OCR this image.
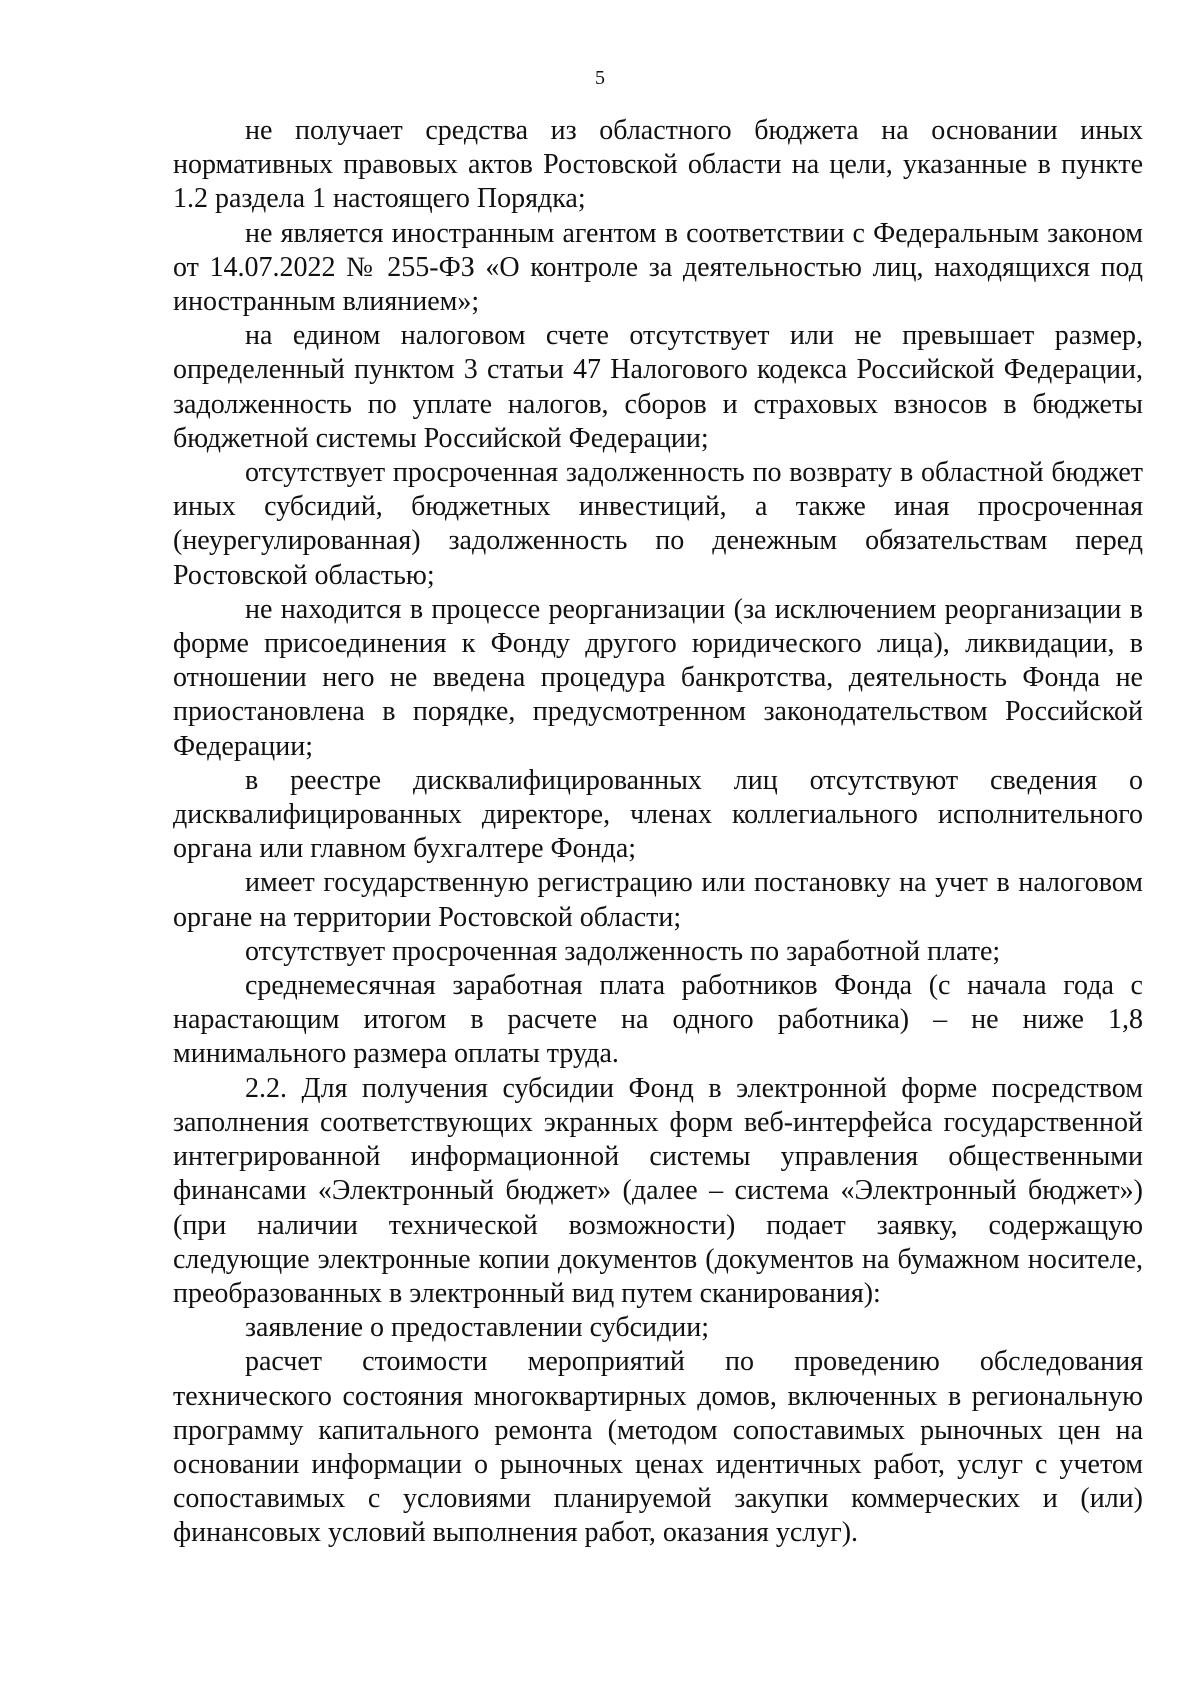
5

не получает средства из областного бюджета на основании иных нормативных правовых актов Ростовской области на цели, указанные в пункте 1.2 раздела 1 настоящего Порядка;

не является иностранным агентом в соответствии с Федеральным законом от 14.07.2022 № 255-ФЗ «О контроле за деятельностью лиц, находящихся под иностранным влиянием»;

на едином налоговом счете отсутствует или не превышает размер, определенный пунктом 3 статьи 47 Налогового кодекса Российской Федерации, задолженность по уплате налогов, сборов и страховых взносов в бюджеты бюджетной системы Российской Федерации;

отсутствует просроченная задолженность по возврату в областной бюджет иных субсидий, бюджетных инвестиций, а также иная просроченная (неурегулированная) задолженность по денежным обязательствам перед Ростовской областью;

не находится в процессе реорганизации (за исключением реорганизации в форме присоединения к Фонду другого юридического лица), ликвидации, в отношении него не введена процедура банкротства, деятельность Фонда не приостановлена в порядке, предусмотренном законодательством Российской Федерации;

в реестре дисквалифицированных лиц отсутствуют сведения о дисквалифицированных директоре, членах коллегиального исполнительного органа или главном бухгалтере Фонда;

имеет государственную регистрацию или постановку на учет в налоговом органе на территории Ростовской области;

отсутствует просроченная задолженность по заработной плате;

среднемесячная заработная плата работников Фонда (с начала года с нарастающим итогом в расчете на одного работника) – не ниже 1,8 минимального размера оплаты труда.

2.2. Для получения субсидии Фонд в электронной форме посредством заполнения соответствующих экранных форм веб-интерфейса государственной интегрированной информационной системы управления общественными финансами «Электронный бюджет» (далее – система «Электронный бюджет») (при наличии технической возможности) подает заявку, содержащую следующие электронные копии документов (документов на бумажном носителе, преобразованных в электронный вид путем сканирования):

заявление о предоставлении субсидии;

расчет стоимости мероприятий по проведению обследования технического состояния многоквартирных домов, включенных в региональную программу капитального ремонта (методом сопоставимых рыночных цен на основании информации о рыночных ценах идентичных работ, услуг с учетом сопоставимых с условиями планируемой закупки коммерческих и (или) финансовых условий выполнения работ, оказания услуг).
